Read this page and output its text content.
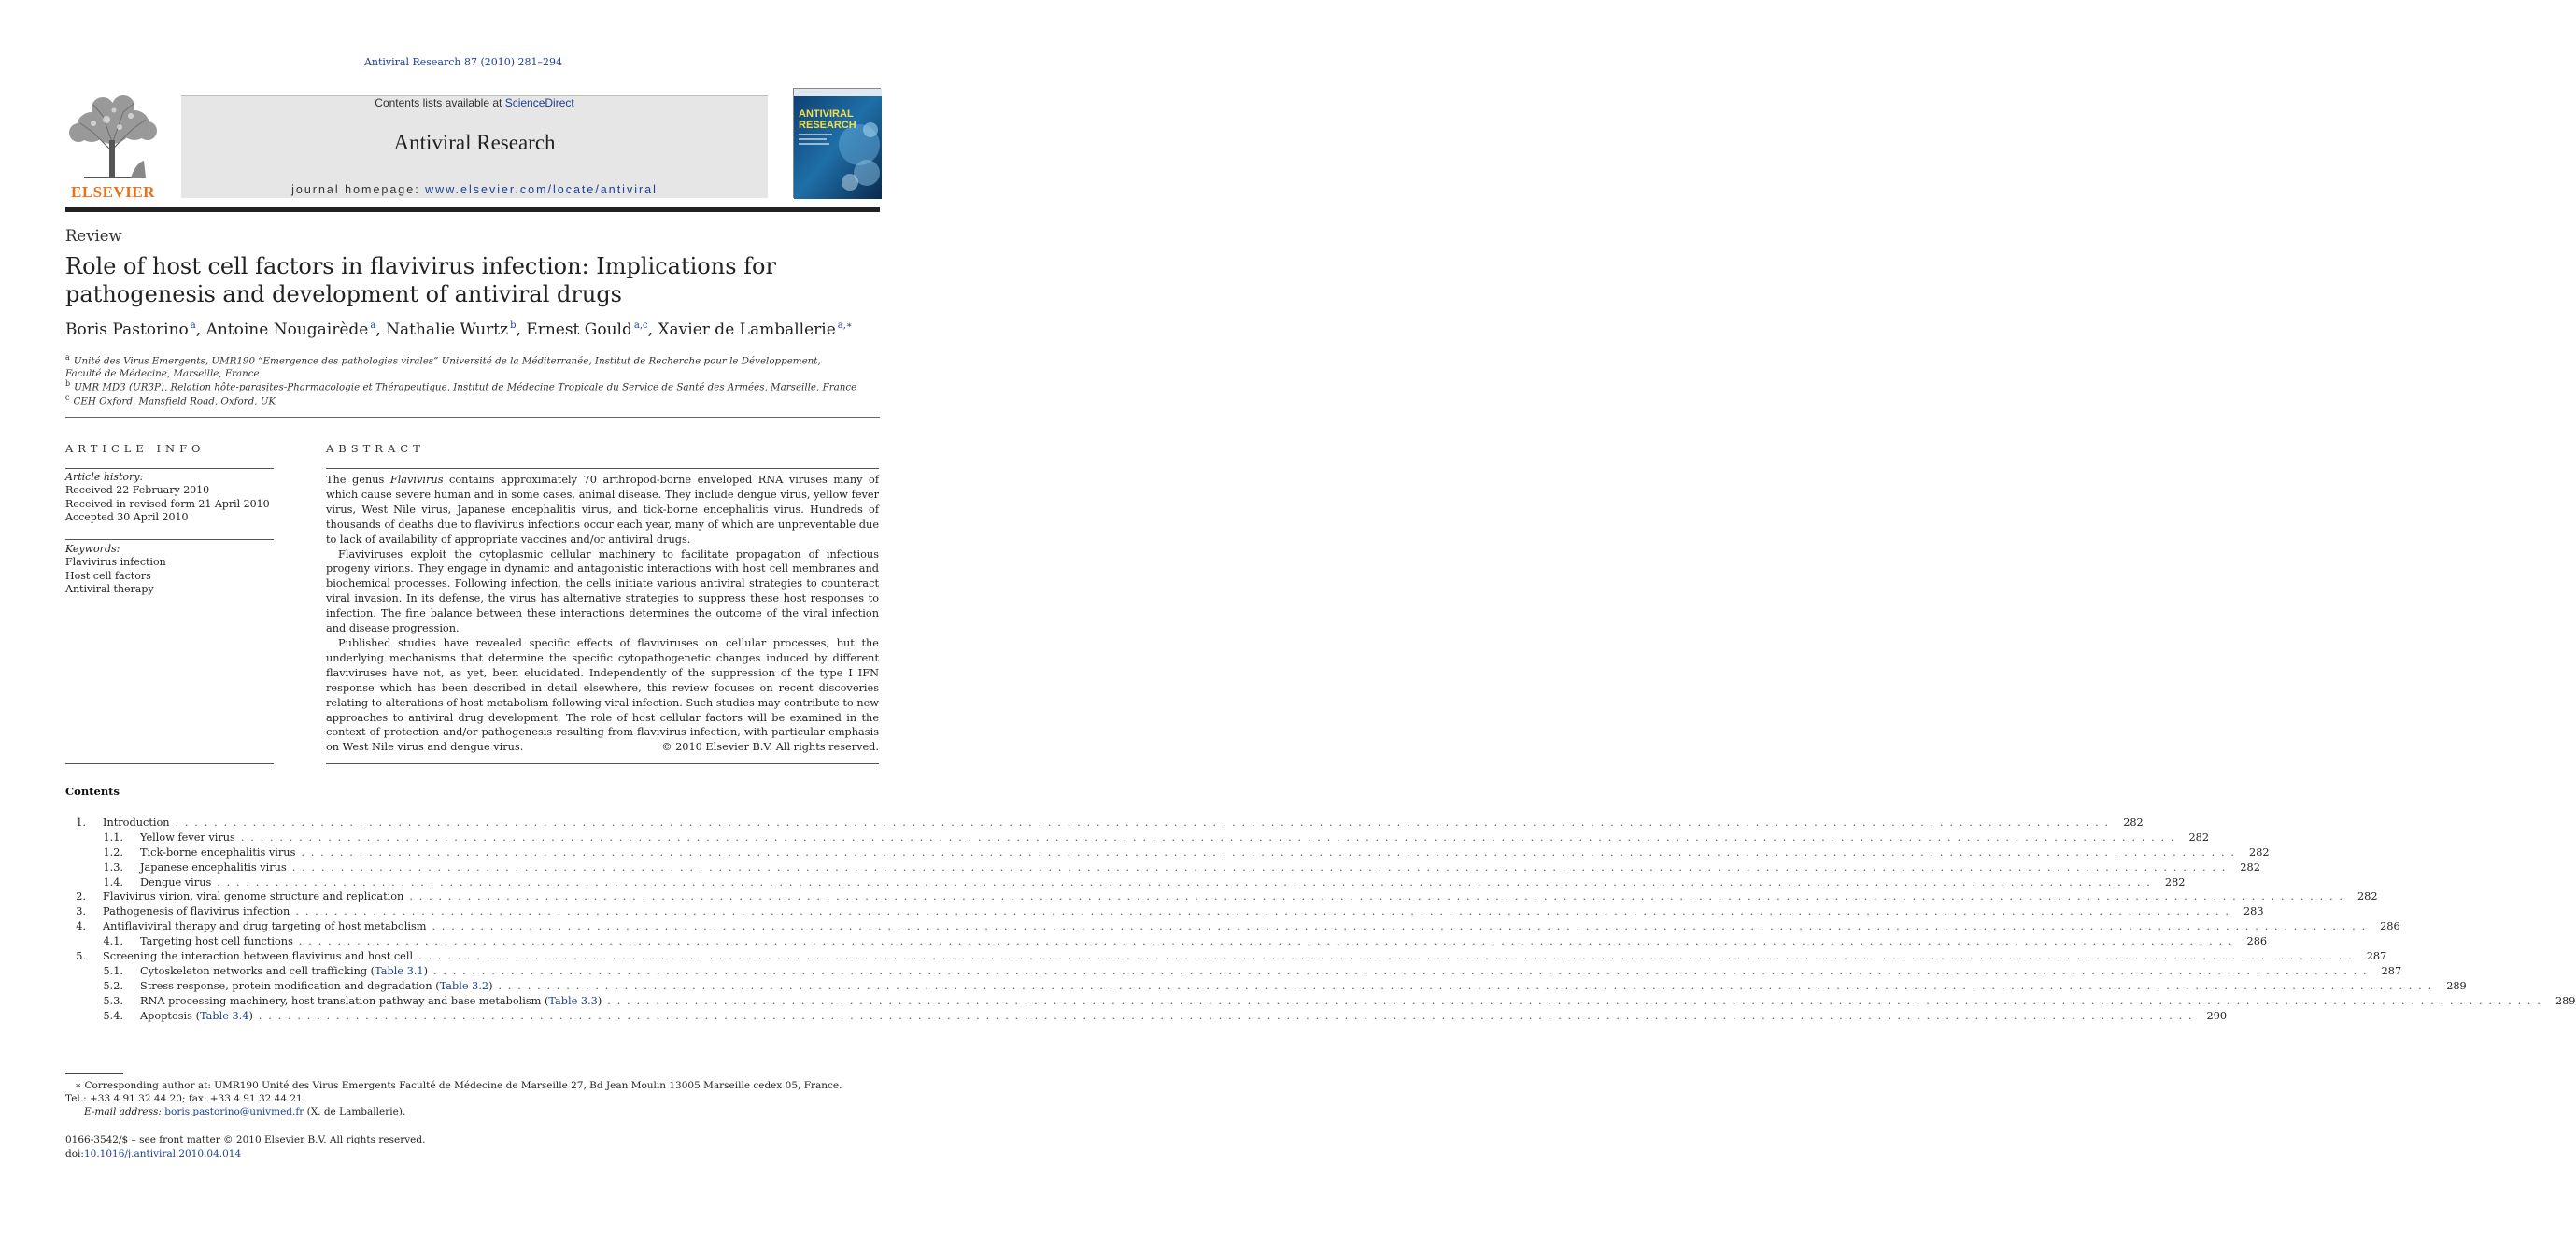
Antiviral Research 87 (2010) 281–294
ELSEVIER
Contents lists available at ScienceDirect
Antiviral Research
journal homepage: www.elsevier.com/locate/antiviral
ANTIVIRAL
RESEARCH
Review
Role of host cell factors in flavivirus infection: Implications for pathogenesis and development of antiviral drugs
Boris Pastorino $^a$, Antoine Nougairède $^a$, Nathalie Wurtz $^b$, Ernest Gould $^{a,c}$, Xavier de Lamballerie $^{a,∗}$
$^a$ Unité des Virus Emergents, UMR190 “Emergence des pathologies virales” Université de la Méditerranée, Institut de Recherche pour le Développement,
Faculté de Médecine, Marseille, France
$^b$ UMR MD3 (UR3P), Relation hôte-parasites-Pharmacologie et Thérapeutique, Institut de Médecine Tropicale du Service de Santé des Armées, Marseille, France
$^c$ CEH Oxford, Mansfield Road, Oxford, UK
ARTICLE INFO	ABSTRACT
Article history:
Received 22 February 2010
Received in revised form 21 April 2010
Accepted 30 April 2010
Keywords:
Flavivirus infection
Host cell factors
Antiviral therapy

The genus Flavivirus contains approximately 70 arthropod-borne enveloped RNA viruses many of which cause severe human and in some cases, animal disease. They include dengue virus, yellow fever virus, West Nile virus, Japanese encephalitis virus, and tick-borne encephalitis virus. Hundreds of thousands of deaths due to flavivirus infections occur each year, many of which are unpreventable due to lack of availability of appropriate vaccines and/or antiviral drugs.

Flaviviruses exploit the cytoplasmic cellular machinery to facilitate propagation of infectious progeny virions. They engage in dynamic and antagonistic interactions with host cell membranes and biochemical processes. Following infection, the cells initiate various antiviral strategies to counteract viral invasion. In its defense, the virus has alternative strategies to suppress these host responses to infection. The fine balance between these interactions determines the outcome of the viral infection and disease progression.

Published studies have revealed specific effects of flaviviruses on cellular processes, but the underlying mechanisms that determine the specific cytopathogenetic changes induced by different flaviviruses have not, as yet, been elucidated. Independently of the suppression of the type I IFN response which has been described in detail elsewhere, this review focuses on recent discoveries relating to alterations of host metabolism following viral infection. Such studies may contribute to new approaches to antiviral drug development. The role of host cellular factors will be examined in the context of protection and/or pathogenesis resulting from flavivirus infection, with particular emphasis on West Nile virus and dengue virus.	© 2010 Elsevier B.V. All rights reserved.
Contents
1.	Introduction . . . . . . . . . . . . . . . . . . . . . . . . . . . . . . . . . . . . . . . . . . . . . . . . . . . . . . . . . . . . . . . . . . . . . . . . . . . . . . . . . . . . . . . . . . . . . . . . . . . . . . . . . . . . . . . . . . . . . . . . . . . . . . . . . . . . . . . . . . . . . . . . . . . . . . . . . . . . . . . . . . . . . . . . . . . . . . . . . . . . . . . . . . . . . . . . . . . . . . . .	282
1.1.	Yellow fever virus . . . . . . . . . . . . . . . . . . . . . . . . . . . . . . . . . . . . . . . . . . . . . . . . . . . . . . . . . . . . . . . . . . . . . . . . . . . . . . . . . . . . . . . . . . . . . . . . . . . . . . . . . . . . . . . . . . . . . . . . . . . . . . . . . . . . . . . . . . . . . . . . . . . . . . . . . . . . . . . . . . . . . . . . . . . . . . . . . . . . . . . . . . . . . . . . . . . . . . . .	282
1.2.	Tick-borne encephalitis virus . . . . . . . . . . . . . . . . . . . . . . . . . . . . . . . . . . . . . . . . . . . . . . . . . . . . . . . . . . . . . . . . . . . . . . . . . . . . . . . . . . . . . . . . . . . . . . . . . . . . . . . . . . . . . . . . . . . . . . . . . . . . . . . . . . . . . . . . . . . . . . . . . . . . . . . . . . . . . . . . . . . . . . . . . . . . . . . . . . . . . . . . . . . . . . . . . . . . . . . .	282
1.3.	Japanese encephalitis virus . . . . . . . . . . . . . . . . . . . . . . . . . . . . . . . . . . . . . . . . . . . . . . . . . . . . . . . . . . . . . . . . . . . . . . . . . . . . . . . . . . . . . . . . . . . . . . . . . . . . . . . . . . . . . . . . . . . . . . . . . . . . . . . . . . . . . . . . . . . . . . . . . . . . . . . . . . . . . . . . . . . . . . . . . . . . . . . . . . . . . . . . . . . . . . . . . . . . . . . .	282
1.4.	Dengue virus . . . . . . . . . . . . . . . . . . . . . . . . . . . . . . . . . . . . . . . . . . . . . . . . . . . . . . . . . . . . . . . . . . . . . . . . . . . . . . . . . . . . . . . . . . . . . . . . . . . . . . . . . . . . . . . . . . . . . . . . . . . . . . . . . . . . . . . . . . . . . . . . . . . . . . . . . . . . . . . . . . . . . . . . . . . . . . . . . . . . . . . . . . . . . . . . . . . . . . . .	282
2.	Flavivirus virion, viral genome structure and replication . . . . . . . . . . . . . . . . . . . . . . . . . . . . . . . . . . . . . . . . . . . . . . . . . . . . . . . . . . . . . . . . . . . . . . . . . . . . . . . . . . . . . . . . . . . . . . . . . . . . . . . . . . . . . . . . . . . . . . . . . . . . . . . . . . . . . . . . . . . . . . . . . . . . . . . . . . . . . . . . . . . . . . . . . . . . . . . . . . . . . . . . . . . . . . . . . . . . . . . .	282
3.	Pathogenesis of flavivirus infection . . . . . . . . . . . . . . . . . . . . . . . . . . . . . . . . . . . . . . . . . . . . . . . . . . . . . . . . . . . . . . . . . . . . . . . . . . . . . . . . . . . . . . . . . . . . . . . . . . . . . . . . . . . . . . . . . . . . . . . . . . . . . . . . . . . . . . . . . . . . . . . . . . . . . . . . . . . . . . . . . . . . . . . . . . . . . . . . . . . . . . . . . . . . . . . . . . . . . . . .	283
4.	Antiflaviviral therapy and drug targeting of host metabolism . . . . . . . . . . . . . . . . . . . . . . . . . . . . . . . . . . . . . . . . . . . . . . . . . . . . . . . . . . . . . . . . . . . . . . . . . . . . . . . . . . . . . . . . . . . . . . . . . . . . . . . . . . . . . . . . . . . . . . . . . . . . . . . . . . . . . . . . . . . . . . . . . . . . . . . . . . . . . . . . . . . . . . . . . . . . . . . . . . . . . . . . . . . . . . . . . . . . . . . .	286
4.1.	Targeting host cell functions . . . . . . . . . . . . . . . . . . . . . . . . . . . . . . . . . . . . . . . . . . . . . . . . . . . . . . . . . . . . . . . . . . . . . . . . . . . . . . . . . . . . . . . . . . . . . . . . . . . . . . . . . . . . . . . . . . . . . . . . . . . . . . . . . . . . . . . . . . . . . . . . . . . . . . . . . . . . . . . . . . . . . . . . . . . . . . . . . . . . . . . . . . . . . . . . . . . . . . . .	286
5.	Screening the interaction between flavivirus and host cell . . . . . . . . . . . . . . . . . . . . . . . . . . . . . . . . . . . . . . . . . . . . . . . . . . . . . . . . . . . . . . . . . . . . . . . . . . . . . . . . . . . . . . . . . . . . . . . . . . . . . . . . . . . . . . . . . . . . . . . . . . . . . . . . . . . . . . . . . . . . . . . . . . . . . . . . . . . . . . . . . . . . . . . . . . . . . . . . . . . . . . . . . . . . . . . . . . . . . . . .	287
5.1.	Cytoskeleton networks and cell trafficking (Table 3.1) . . . . . . . . . . . . . . . . . . . . . . . . . . . . . . . . . . . . . . . . . . . . . . . . . . . . . . . . . . . . . . . . . . . . . . . . . . . . . . . . . . . . . . . . . . . . . . . . . . . . . . . . . . . . . . . . . . . . . . . . . . . . . . . . . . . . . . . . . . . . . . . . . . . . . . . . . . . . . . . . . . . . . . . . . . . . . . . . . . . . . . . . . . . . . . . . . . . . . . . .	287
5.2.	Stress response, protein modification and degradation (Table 3.2) . . . . . . . . . . . . . . . . . . . . . . . . . . . . . . . . . . . . . . . . . . . . . . . . . . . . . . . . . . . . . . . . . . . . . . . . . . . . . . . . . . . . . . . . . . . . . . . . . . . . . . . . . . . . . . . . . . . . . . . . . . . . . . . . . . . . . . . . . . . . . . . . . . . . . . . . . . . . . . . . . . . . . . . . . . . . . . . . . . . . . . . . . . . . . . . . . . . . . . . .	289
5.3.	RNA processing machinery, host translation pathway and base metabolism (Table 3.3) . . . . . . . . . . . . . . . . . . . . . . . . . . . . . . . . . . . . . . . . . . . . . . . . . . . . . . . . . . . . . . . . . . . . . . . . . . . . . . . . . . . . . . . . . . . . . . . . . . . . . . . . . . . . . . . . . . . . . . . . . . . . . . . . . . . . . . . . . . . . . . . . . . . . . . . . . . . . . . . . . . . . . . . . . . . . . . . . . . . . . . . . . . . . . . . . . . . . . . . .	289
5.4.	Apoptosis (Table 3.4) . . . . . . . . . . . . . . . . . . . . . . . . . . . . . . . . . . . . . . . . . . . . . . . . . . . . . . . . . . . . . . . . . . . . . . . . . . . . . . . . . . . . . . . . . . . . . . . . . . . . . . . . . . . . . . . . . . . . . . . . . . . . . . . . . . . . . . . . . . . . . . . . . . . . . . . . . . . . . . . . . . . . . . . . . . . . . . . . . . . . . . . . . . . . . . . . . . . . . . . .	290
∗ Corresponding author at: UMR190 Unité des Virus Emergents Faculté de Médecine de Marseille 27, Bd Jean Moulin 13005 Marseille cedex 05, France.
Tel.: +33 4 91 32 44 20; fax: +33 4 91 32 44 21.
E-mail address: boris.pastorino@univmed.fr (X. de Lamballerie).
0166-3542/$ – see front matter © 2010 Elsevier B.V. All rights reserved.
doi:10.1016/j.antiviral.2010.04.014
